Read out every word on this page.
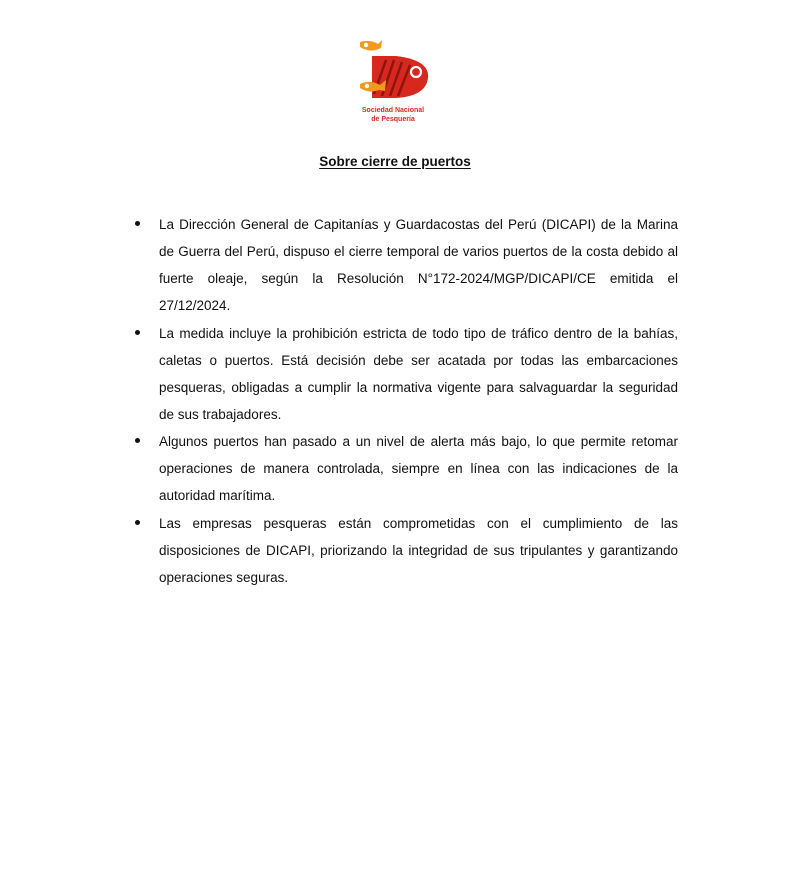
Sociedad Nacional
de Pesquería
Sobre cierre de puertos
La Dirección General de Capitanías y Guardacostas del Perú (DICAPI) de la Marina de Guerra del Perú, dispuso el cierre temporal de varios puertos de la costa debido al fuerte oleaje, según la Resolución N°172-2024/MGP/DICAPI/CE emitida el 27/12/2024.
La medida incluye la prohibición estricta de todo tipo de tráfico dentro de la bahías, caletas o puertos. Está decisión debe ser acatada por todas las embarcaciones pesqueras, obligadas a cumplir la normativa vigente para salvaguardar la seguridad de sus trabajadores.
Algunos puertos han pasado a un nivel de alerta más bajo, lo que permite retomar operaciones de manera controlada, siempre en línea con las indicaciones de la autoridad marítima.
Las empresas pesqueras están comprometidas con el cumplimiento de las disposiciones de DICAPI, priorizando la integridad de sus tripulantes y garantizando operaciones seguras.
